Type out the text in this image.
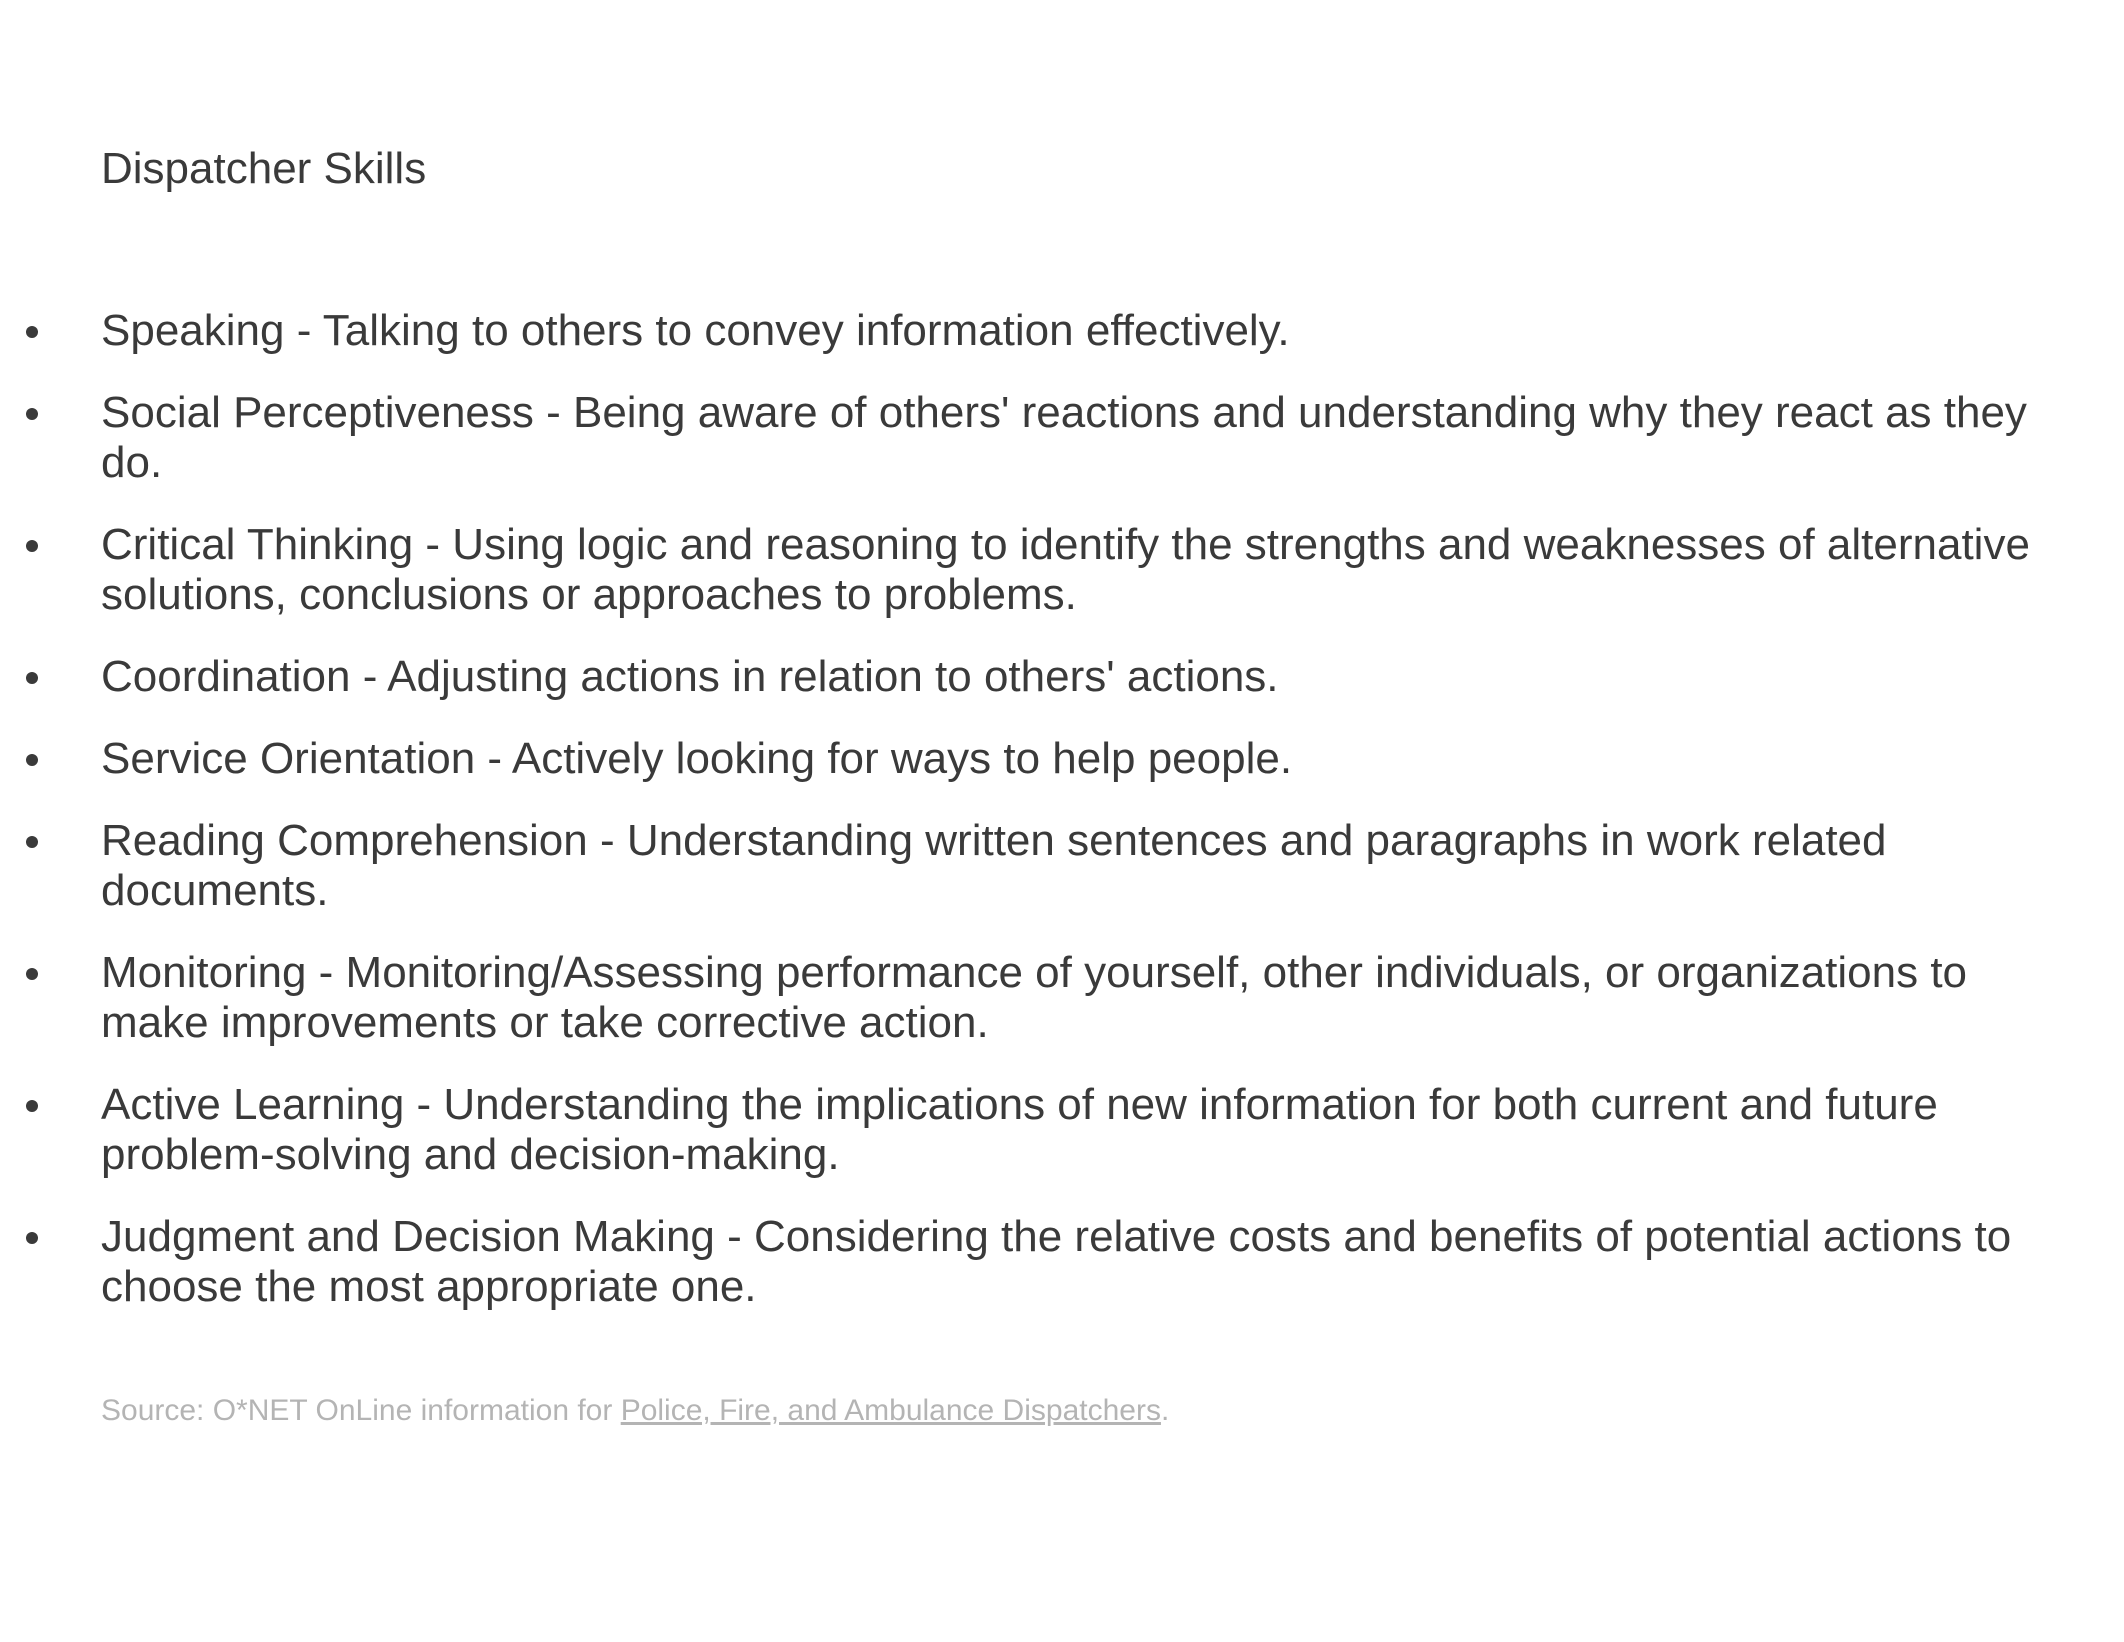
Dispatcher Skills
Speaking - Talking to others to convey information effectively.
Social Perceptiveness - Being aware of others' reactions and understanding why they react as they do.
Critical Thinking - Using logic and reasoning to identify the strengths and weaknesses of alternative solutions, conclusions or approaches to problems.
Coordination - Adjusting actions in relation to others' actions.
Service Orientation - Actively looking for ways to help people.
Reading Comprehension - Understanding written sentences and paragraphs in work related documents.
Monitoring - Monitoring/Assessing performance of yourself, other individuals, or organizations to make improvements or take corrective action.
Active Learning - Understanding the implications of new information for both current and future problem-solving and decision-making.
Judgment and Decision Making - Considering the relative costs and benefits of potential actions to choose the most appropriate one.

Source: O*NET OnLine information for Police, Fire, and Ambulance Dispatchers.
